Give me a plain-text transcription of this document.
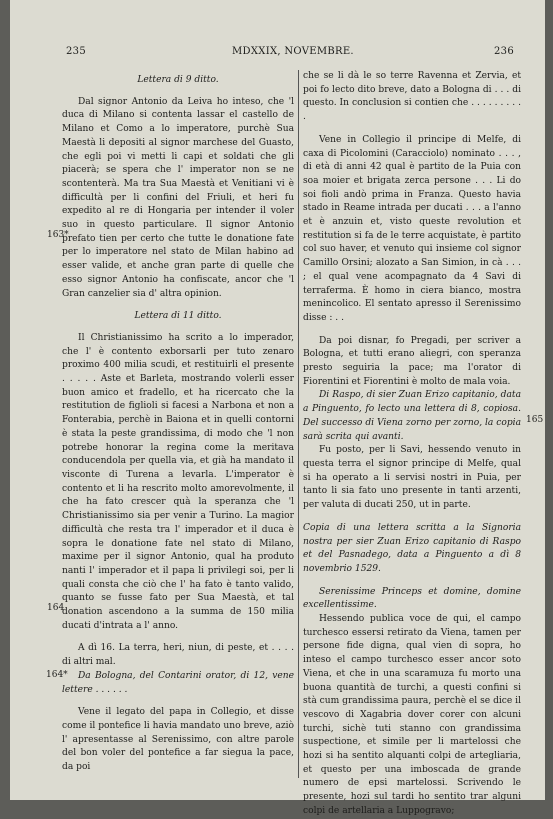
235	MDXXIX, NOVEMBRE.	236
163*
164
164*
165

Lettera di 9 ditto.

Dal signor Antonio da Leiva ho inteso, che 'l duca di Milano si contenta lassar el castello de Milano et Como a lo imperatore, purchè Sua Maestà li depositi al signor marchese del Guasto, che egli poi vi metti li capi et soldati che gli piacerà; se spera che l' imperator non se ne scontenterà. Ma tra Sua Maestà et Venitiani vi è difficultà per li confini del Friuli, et heri fu expedito al re di Hongaria per intender il voler suo in questo particulare. Il signor Antonio prefato tien per certo che tutte le donatione fate per lo imperatore nel stato de Milan habino ad esser valide, et anche gran parte di quelle che esso signor Antonio ha confiscate, ancor che 'l Gran canzelier sia d' altra opinion.

Lettera di 11 ditto.

Il Christianissimo ha scrito a lo imperador, che l' è contento exborsarli per tuto zenaro proximo 400 milia scudi, et restituirli el presente . . . . . Aste et Barleta, mostrando volerli esser buon amico et fradello, et ha ricercato che la restitution de figlioli si facesi a Narbona et non a Fonterabia, perchè in Baiona et in quelli contorni è stata la peste grandissima, di modo che 'l non potrebe honorar la regina come la meritava conducendola per quella via, et già ha mandato il visconte di Turena a levarla. L'imperator è contento et li ha rescrito molto amorevolmente, il che ha fato crescer quà la speranza che 'l Christianissimo sia per venir a Turino. La magior difficultà che resta tra l' imperador et il duca è sopra le donatione fate nel stato di Milano, maxime per il signor Antonio, qual ha produto nanti l' imperador et il papa li privilegi soi, per li quali consta che ciò che l' ha fato è tanto valido, quanto se fusse fato per Sua Maestà, et tal donation ascendono a la summa de 150 milia ducati d'intrata a l' anno.

A dì 16. La terra, heri, niun, di peste, et . . . . di altri mal.

Da Bologna, del Contarini orator, di 12, vene lettere . . . . . .

Vene il legato del papa in Collegio, et disse come il pontefice li havia mandato uno breve, aziò l' apresentasse al Serenissimo, con altre parole del bon voler del pontefice a far siegua la pace, da poi

che se li dà le so terre Ravenna et Zervia, et poi fo lecto dito breve, dato a Bologna di . . . di questo. In conclusion si contien che . . . . . . . . . .

Vene in Collegio il principe di Melfe, di caxa di Picolomini (Caracciolo) nominato . . . , di età di anni 42 qual è partito de la Puia con soa moier et brigata zerca persone . . . Li do soi fioli andò prima in Franza. Questo havia stado in Reame intrada per ducati . . . a l'anno et è anzuin et, visto queste revolution et restitution si fa de le terre acquistate, è partito col suo haver, et venuto qui insieme col signor Camillo Orsini; alozato a San Simion, in cà . . . ; el qual vene acompagnato da 4 Savi di terraferma. È homo in ciera bianco, mostra menincolico. El sentato apresso il Serenissimo disse : . .

Da poi disnar, fo Pregadi, per scriver a Bologna, et tutti erano aliegri, con speranza presto seguiria la pace; ma l'orator di Fiorentini et Fiorentini è molto de mala voia.

Di Raspo, di sier Zuan Erizo capitanio, data a Pinguento, fo lecto una lettera di 8, copiosa. Del successo di Viena zorno per zorno, la copia sarà scrita qui avanti.

Fu posto, per li Savi, hessendo venuto in questa terra el signor principe di Melfe, qual si ha operato a li servisi nostri in Puia, per tanto li sia fato uno presente in tanti arzenti, per valuta di ducati 250, ut in parte.

Copia di una lettera scritta a la Signoria nostra per sier Zuan Erizo capitanio di Raspo et del Pasnadego, data a Pinguento a dì 8 novembrio 1529.

Serenissime Princeps et domine, domine excellentissime.

Hessendo publica voce de qui, el campo turchesco essersi retirato da Viena, tamen per persone fide digna, qual vien di sopra, ho inteso el campo turchesco esser ancor soto Viena, et che in una scaramuza fu morto una buona quantità de turchi, a questi confini si stà cum grandissima paura, perchè el se dice il vescovo di Xagabria dover corer con alcuni turchi, sichè tuti stanno con grandissima suspectione, et simile per li martelossi che hozi si ha sentito alquanti colpi de artegliaria, et questo per una imboscada de grande numero de epsi martelossi. Scrivendo le presente, hozi sul tardi ho sentito trar alguni colpi de artellaria a Luppogravo;
